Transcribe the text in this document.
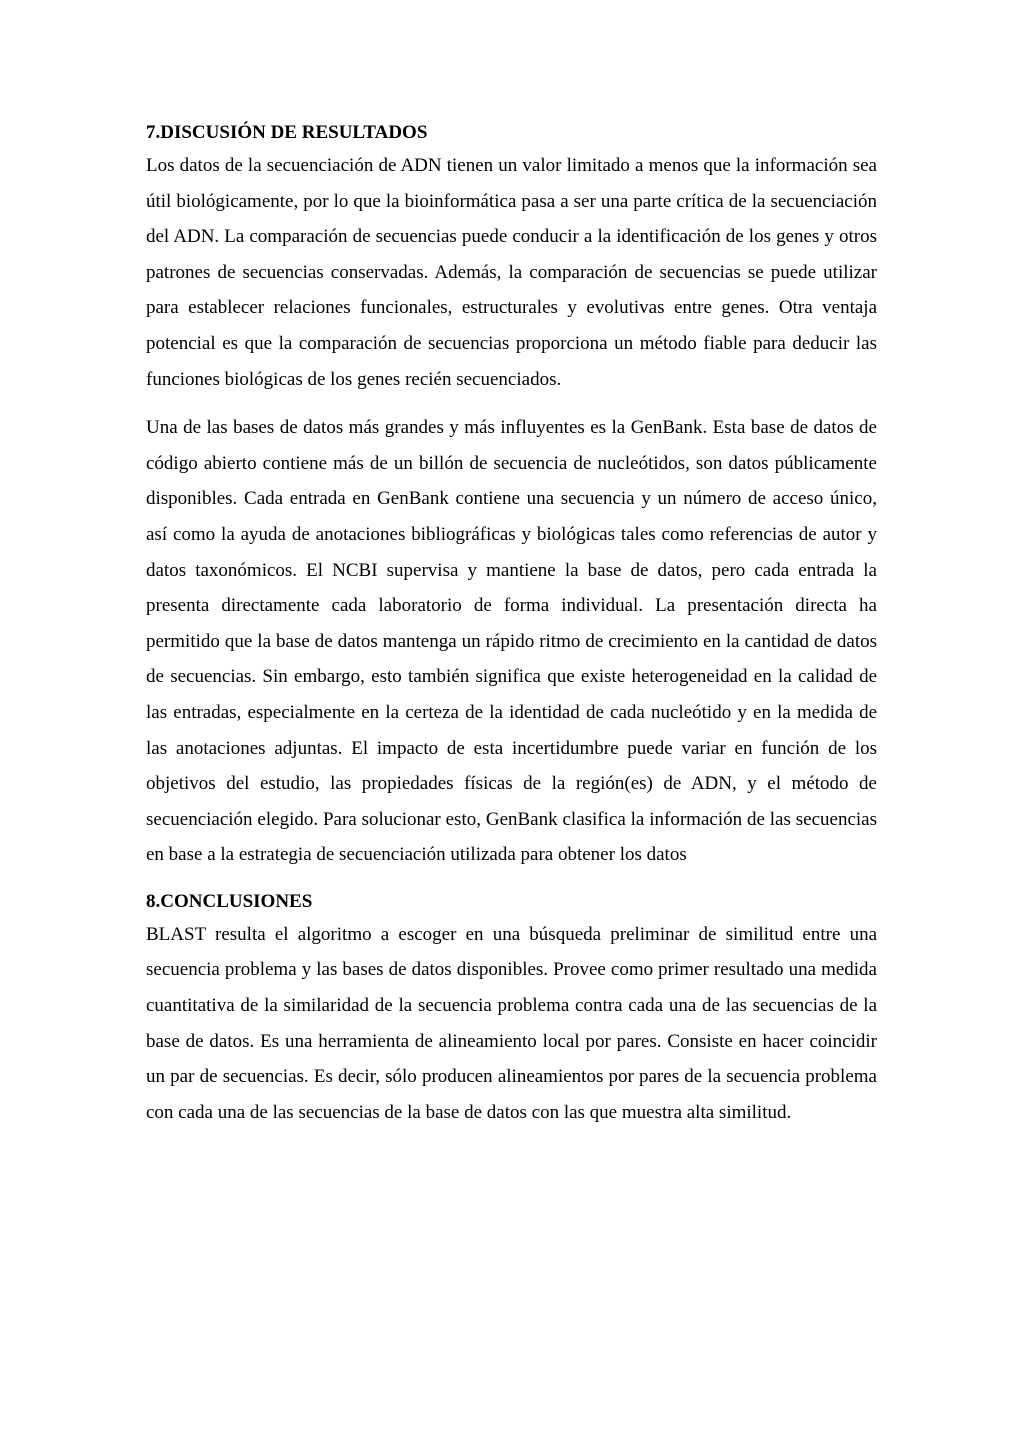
7.DISCUSIÓN DE RESULTADOS

Los datos de la secuenciación de ADN tienen un valor limitado a menos que la información sea útil biológicamente, por lo que la bioinformática pasa a ser una parte crítica de la secuenciación del ADN. La comparación de secuencias puede conducir a la identificación de los genes y otros patrones de secuencias conservadas. Además, la comparación de secuencias se puede utilizar para establecer relaciones funcionales, estructurales y evolutivas entre genes. Otra ventaja potencial es que la comparación de secuencias proporciona un método fiable para deducir las funciones biológicas de los genes recién secuenciados.

Una de las bases de datos más grandes y más influyentes es la GenBank. Esta base de datos de código abierto contiene más de un billón de secuencia de nucleótidos, son datos públicamente disponibles. Cada entrada en GenBank contiene una secuencia y un número de acceso único, así como la ayuda de anotaciones bibliográficas y biológicas tales como referencias de autor y datos taxonómicos. El NCBI supervisa y mantiene la base de datos, pero cada entrada la presenta directamente cada laboratorio de forma individual. La presentación directa ha permitido que la base de datos mantenga un rápido ritmo de crecimiento en la cantidad de datos de secuencias. Sin embargo, esto también significa que existe heterogeneidad en la calidad de las entradas, especialmente en la certeza de la identidad de cada nucleótido y en la medida de las anotaciones adjuntas. El impacto de esta incertidumbre puede variar en función de los objetivos del estudio, las propiedades físicas de la región(es) de ADN, y el método de secuenciación elegido. Para solucionar esto, GenBank clasifica la información de las secuencias en base a la estrategia de secuenciación utilizada para obtener los datos

8.CONCLUSIONES

BLAST resulta el algoritmo a escoger en una búsqueda preliminar de similitud entre una secuencia problema y las bases de datos disponibles. Provee como primer resultado una medida cuantitativa de la similaridad de la secuencia problema contra cada una de las secuencias de la base de datos. Es una herramienta de alineamiento local por pares. Consiste en hacer coincidir un par de secuencias. Es decir, sólo producen alineamientos por pares de la secuencia problema con cada una de las secuencias de la base de datos con las que muestra alta similitud.
